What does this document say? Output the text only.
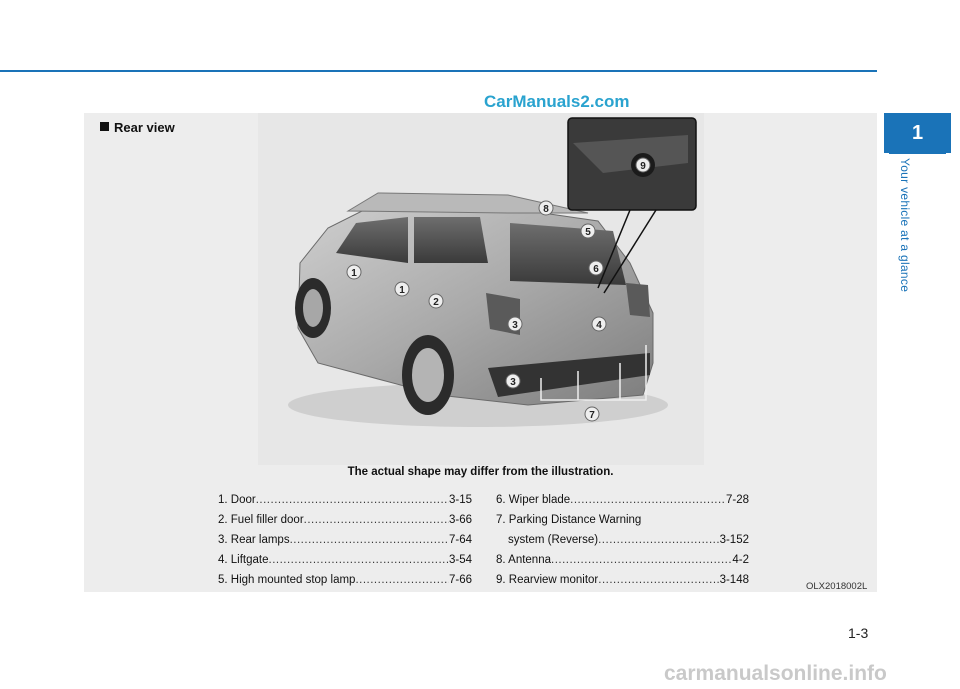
CarManuals2.com
Rear view
1
1
2
3
3
4
5
6
7
8
9
The actual shape may differ from the illustration.
1. Door .....	3-15
2. Fuel filler door .....	3-66
3. Rear lamps .....	7-64
4. Liftgate .....	3-54
5. High mounted stop lamp .....	7-66
6. Wiper blade .....	7-28
7. Parking Distance Warning
system (Reverse) .....	3-152
8. Antenna .....	4-2
9. Rearview monitor .....	3-148
OLX2018002L
1
Your vehicle at a glance
1-3
carmanualsonline.info
